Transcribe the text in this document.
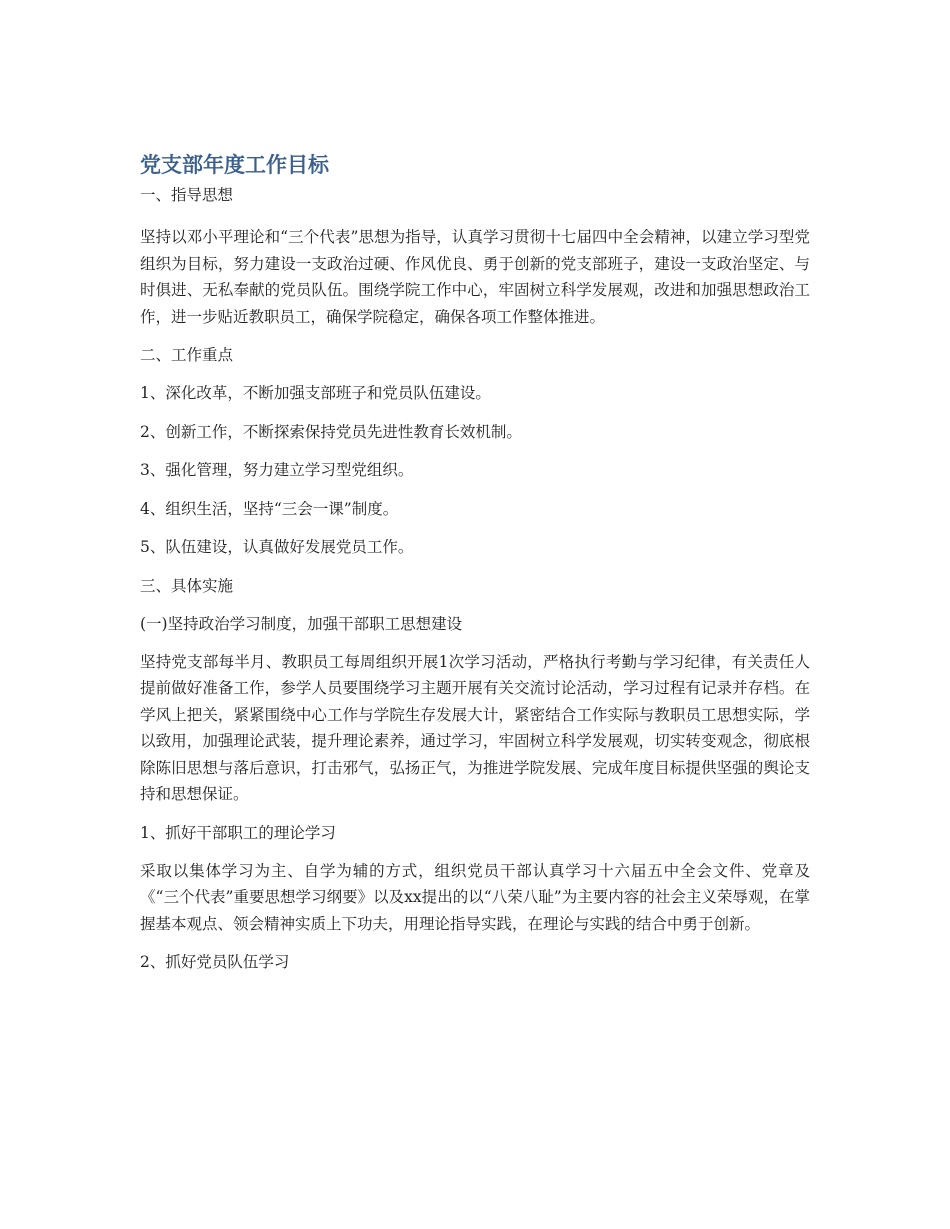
党支部年度工作目标

一、指导思想

坚持以邓小平理论和“三个代表”思想为指导，认真学习贯彻十七届四中全会精神，以建立学习型党组织为目标，努力建设一支政治过硬、作风优良、勇于创新的党支部班子，建设一支政治坚定、与时俱进、无私奉献的党员队伍。围绕学院工作中心，牢固树立科学发展观，改进和加强思想政治工作，进一步贴近教职员工，确保学院稳定，确保各项工作整体推进。

二、工作重点

1、深化改革，不断加强支部班子和党员队伍建设。

2、创新工作，不断探索保持党员先进性教育长效机制。

3、强化管理，努力建立学习型党组织。

4、组织生活，坚持“三会一课”制度。

5、队伍建设，认真做好发展党员工作。

三、具体实施

(一)坚持政治学习制度，加强干部职工思想建设

坚持党支部每半月、教职员工每周组织开展1次学习活动，严格执行考勤与学习纪律，有关责任人提前做好准备工作，参学人员要围绕学习主题开展有关交流讨论活动，学习过程有记录并存档。在学风上把关，紧紧围绕中心工作与学院生存发展大计，紧密结合工作实际与教职员工思想实际，学以致用，加强理论武装，提升理论素养，通过学习，牢固树立科学发展观，切实转变观念，彻底根除陈旧思想与落后意识，打击邪气，弘扬正气，为推进学院发展、完成年度目标提供坚强的舆论支持和思想保证。

1、抓好干部职工的理论学习

采取以集体学习为主、自学为辅的方式，组织党员干部认真学习十六届五中全会文件、党章及《“三个代表”重要思想学习纲要》以及xx提出的以“八荣八耻”为主要内容的社会主义荣辱观，在掌握基本观点、领会精神实质上下功夫，用理论指导实践，在理论与实践的结合中勇于创新。

2、抓好党员队伍学习
